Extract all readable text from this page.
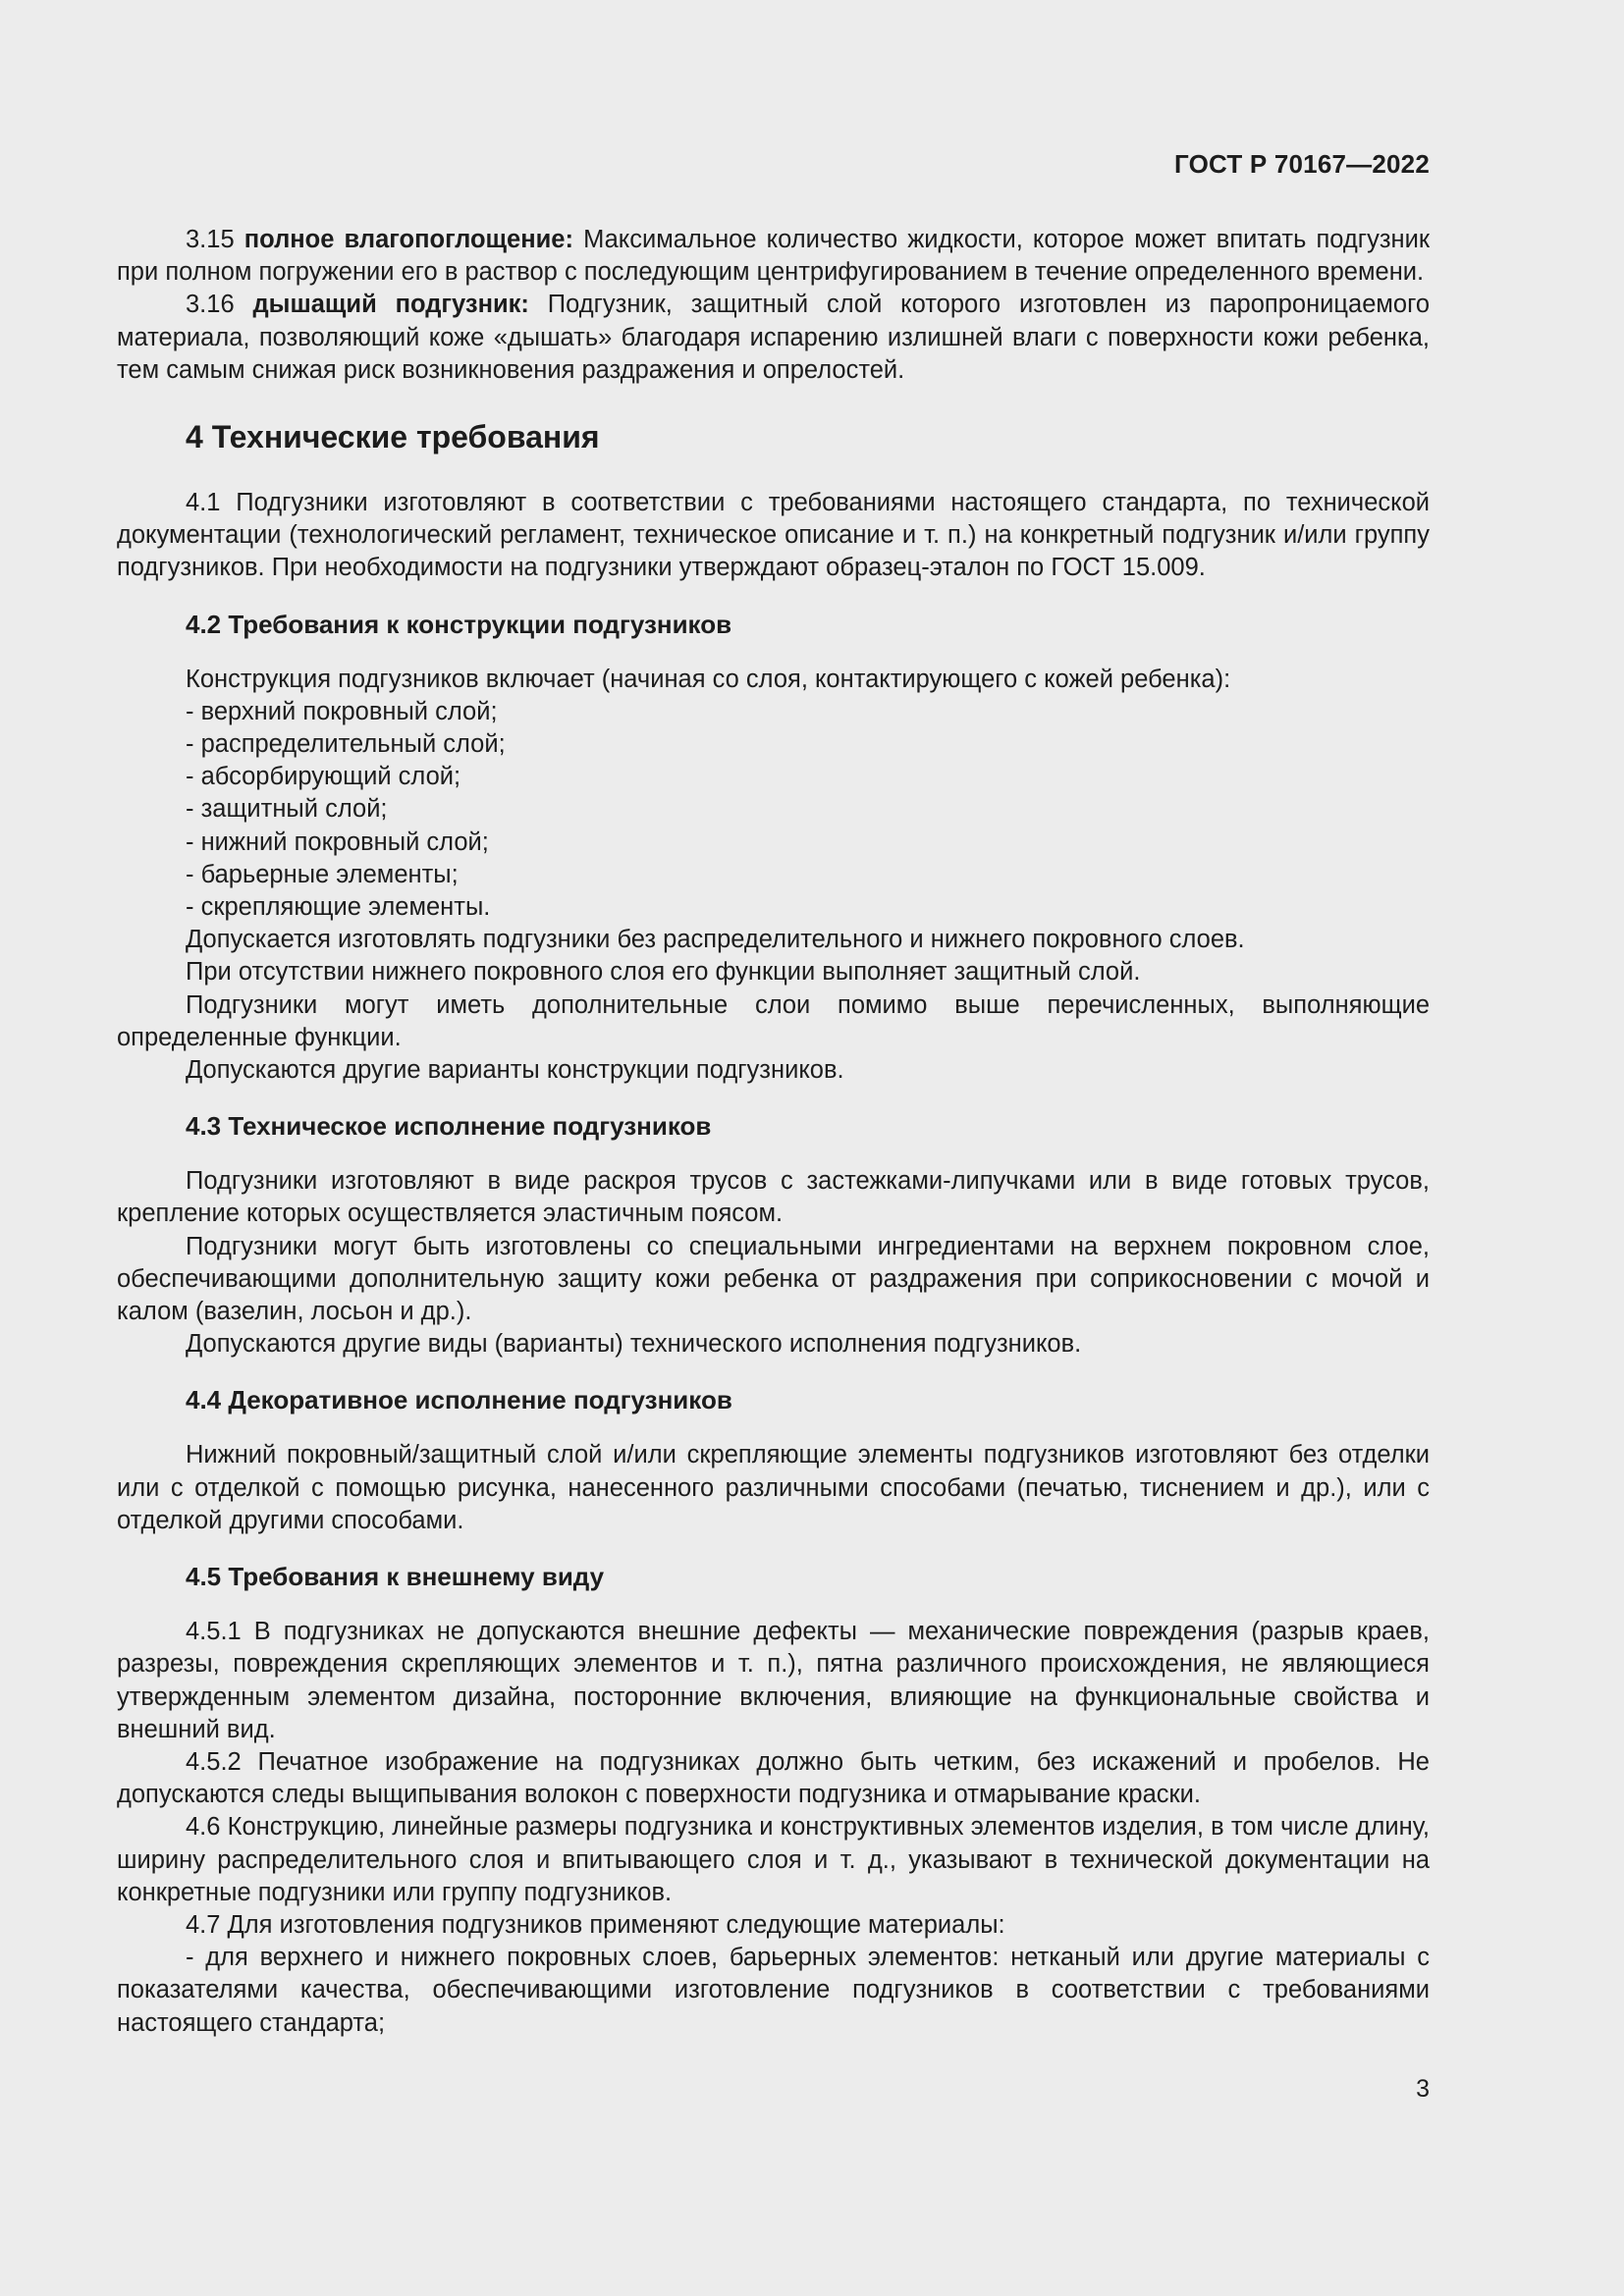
ГОСТ Р 70167—2022

3.15 полное влагопоглощение: Максимальное количество жидкости, которое может впитать подгузник при полном погружении его в раствор с последующим центрифугированием в течение определенного времени.

3.16 дышащий подгузник: Подгузник, защитный слой которого изготовлен из паропроницаемого материала, позволяющий коже «дышать» благодаря испарению излишней влаги с поверхности кожи ребенка, тем самым снижая риск возникновения раздражения и опрелостей.

4 Технические требования

4.1 Подгузники изготовляют в соответствии с требованиями настоящего стандарта, по технической документации (технологический регламент, техническое описание и т. п.) на конкретный подгузник и/или группу подгузников. При необходимости на подгузники утверждают образец-эталон по ГОСТ 15.009.

4.2 Требования к конструкции подгузников

Конструкция подгузников включает (начиная со слоя, контактирующего с кожей ребенка):

- верхний покровный слой;

- распределительный слой;

- абсорбирующий слой;

- защитный слой;

- нижний покровный слой;

- барьерные элементы;

- скрепляющие элементы.

Допускается изготовлять подгузники без распределительного и нижнего покровного слоев.

При отсутствии нижнего покровного слоя его функции выполняет защитный слой.

Подгузники могут иметь дополнительные слои помимо выше перечисленных, выполняющие определенные функции.

Допускаются другие варианты конструкции подгузников.

4.3 Техническое исполнение подгузников

Подгузники изготовляют в виде раскроя трусов с застежками-липучками или в виде готовых трусов, крепление которых осуществляется эластичным поясом.

Подгузники могут быть изготовлены со специальными ингредиентами на верхнем покровном слое, обеспечивающими дополнительную защиту кожи ребенка от раздражения при соприкосновении с мочой и калом (вазелин, лосьон и др.).

Допускаются другие виды (варианты) технического исполнения подгузников.

4.4 Декоративное исполнение подгузников

Нижний покровный/защитный слой и/или скрепляющие элементы подгузников изготовляют без отделки или с отделкой с помощью рисунка, нанесенного различными способами (печатью, тиснением и др.), или с отделкой другими способами.

4.5 Требования к внешнему виду

4.5.1 В подгузниках не допускаются внешние дефекты — механические повреждения (разрыв краев, разрезы, повреждения скрепляющих элементов и т. п.), пятна различного происхождения, не являющиеся утвержденным элементом дизайна, посторонние включения, влияющие на функциональные свойства и внешний вид.

4.5.2 Печатное изображение на подгузниках должно быть четким, без искажений и пробелов. Не допускаются следы выщипывания волокон с поверхности подгузника и отмарывание краски.

4.6 Конструкцию, линейные размеры подгузника и конструктивных элементов изделия, в том числе длину, ширину распределительного слоя и впитывающего слоя и т. д., указывают в технической документации на конкретные подгузники или группу подгузников.

4.7 Для изготовления подгузников применяют следующие материалы:

- для верхнего и нижнего покровных слоев, барьерных элементов: нетканый или другие материалы с показателями качества, обеспечивающими изготовление подгузников в соответствии с требованиями настоящего стандарта;

3
